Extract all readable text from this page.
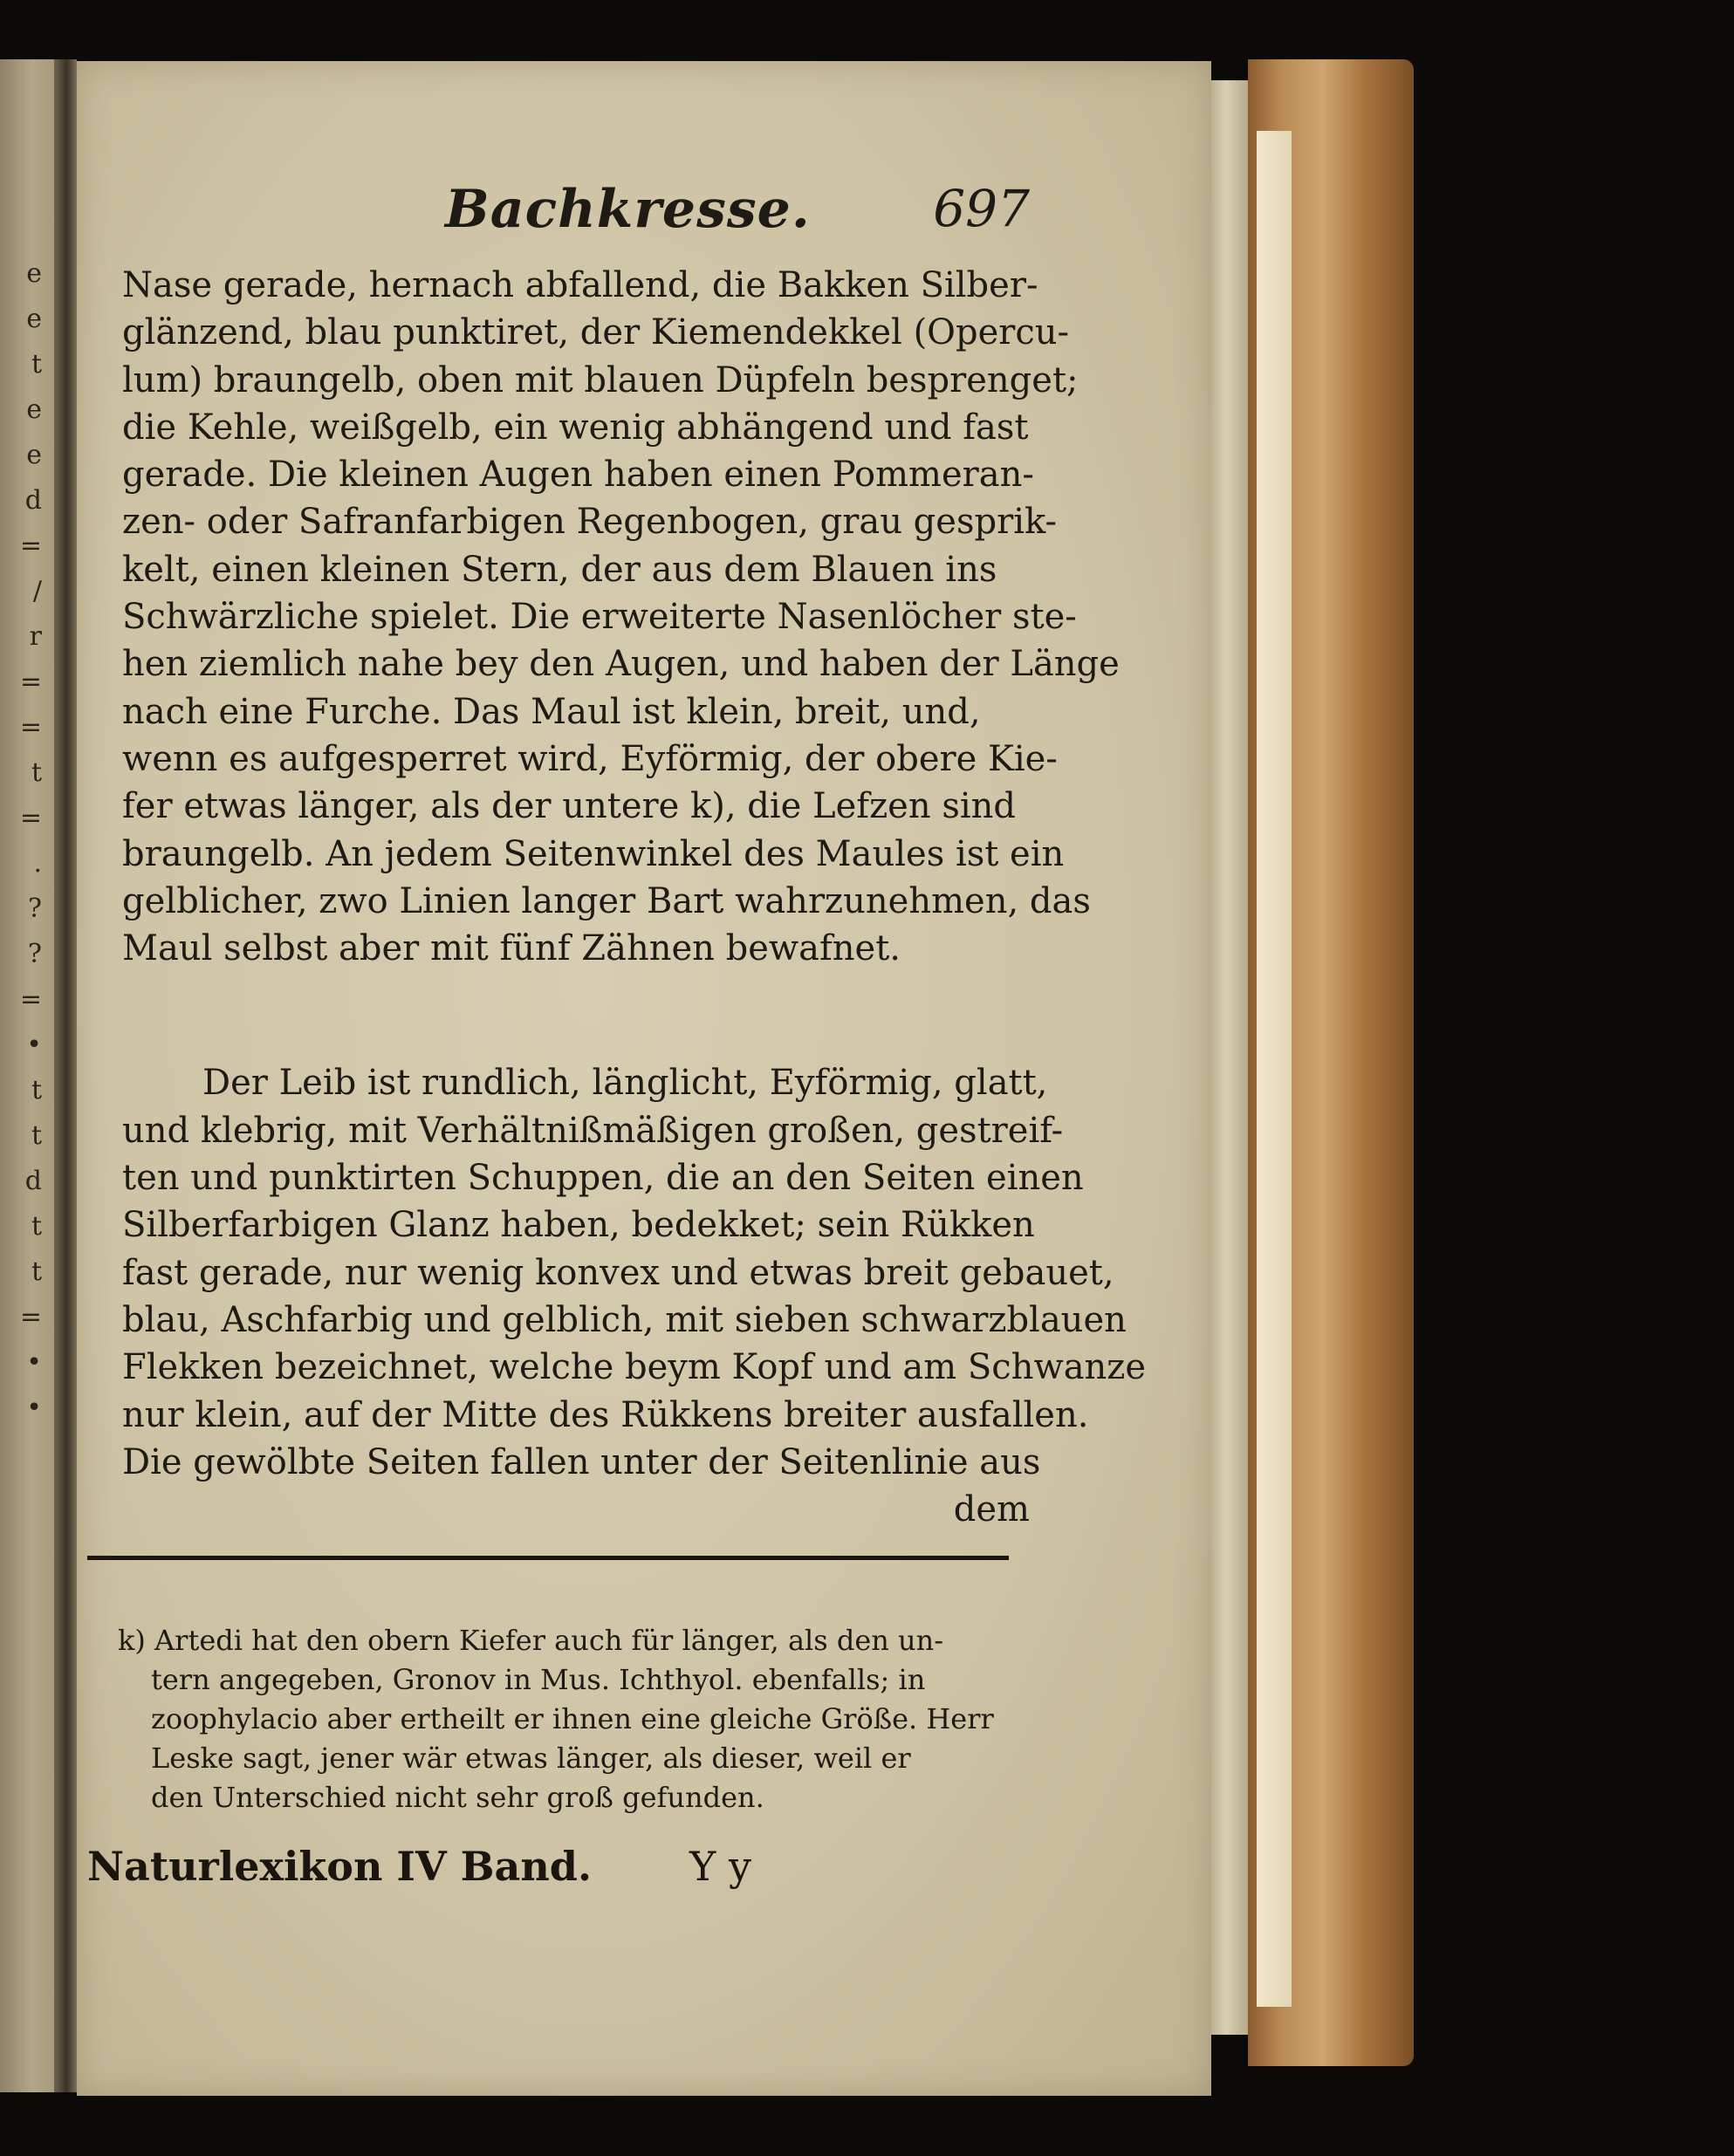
e
e
t
e
e
d
=
/
r
=
=
t
=
.
?
?
=
•
t
t
d
t
t
=
•
•
Bachkresse. 697

Nase gerade, hernach abfallend, die Bakken Silber-
glänzend, blau punktiret, der Kiemendekkel (Opercu-
lum) braungelb, oben mit blauen Düpfeln besprenget;
die Kehle, weißgelb, ein wenig abhängend und fast
gerade. Die kleinen Augen haben einen Pommeran-
zen- oder Safranfarbigen Regenbogen, grau gesprik-
kelt, einen kleinen Stern, der aus dem Blauen ins
Schwärzliche spielet. Die erweiterte Nasenlöcher ste-
hen ziemlich nahe bey den Augen, und haben der Länge
nach eine Furche. Das Maul ist klein, breit, und,
wenn es aufgesperret wird, Eyförmig, der obere Kie-
fer etwas länger, als der untere k), die Lefzen sind
braungelb. An jedem Seitenwinkel des Maules ist ein
gelblicher, zwo Linien langer Bart wahrzunehmen, das
Maul selbst aber mit fünf Zähnen bewafnet.

Der Leib ist rundlich, länglicht, Eyförmig, glatt,
und klebrig, mit Verhältnißmäßigen großen, gestreif-
ten und punktirten Schuppen, die an den Seiten einen
Silberfarbigen Glanz haben, bedekket; sein Rükken
fast gerade, nur wenig konvex und etwas breit gebauet,
blau, Aschfarbig und gelblich, mit sieben schwarzblauen
Flekken bezeichnet, welche beym Kopf und am Schwanze
nur klein, auf der Mitte des Rükkens breiter ausfallen.
Die gewölbte Seiten fallen unter der Seitenlinie aus
dem

k) Artedi hat den obern Kiefer auch für länger, als den un-
tern angegeben, Gronov in Mus. Ichthyol. ebenfalls; in
zoophylacio aber ertheilt er ihnen eine gleiche Größe. Herr
Leske sagt, jener wär etwas länger, als dieser, weil er
den Unterschied nicht sehr groß gefunden.
Naturlexikon IV Band. Y y
